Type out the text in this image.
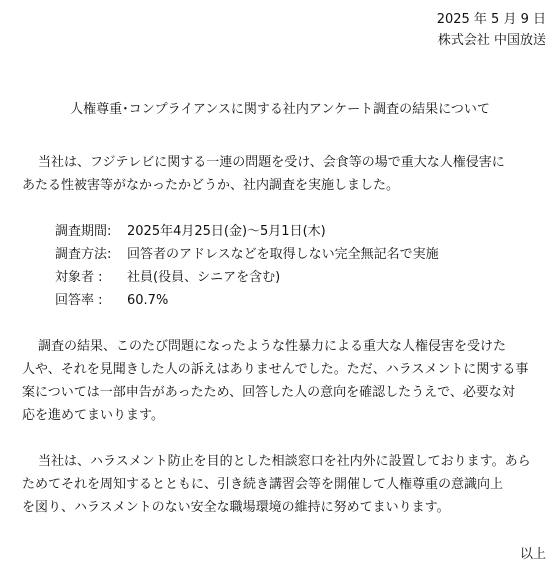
2025 年 5 月 9 日
株式会社 中国放送
人権尊重･コンプライアンスに関する社内アンケート調査の結果について
当社は、フジテレビに関する一連の問題を受け、会食等の場で重大な人権侵害に
あたる性被害等がなかったかどうか、社内調査を実施しました。
調査期間: 2025年4月25日(金)～5月1日(木)
調査方法: 回答者のアドレスなどを取得しない完全無記名で実施
対象者 : 社員(役員、シニアを含む)
回答率 : 60.7%
調査の結果、このたび問題になったような性暴力による重大な人権侵害を受けた
人や、それを見聞きした人の訴えはありませんでした。ただ、ハラスメントに関する事
案については一部申告があったため、回答した人の意向を確認したうえで、必要な対
応を進めてまいります。
当社は、ハラスメント防止を目的とした相談窓口を社内外に設置しております。あら
ためてそれを周知するとともに、引き続き講習会等を開催して人権尊重の意識向上
を図り、ハラスメントのない安全な職場環境の維持に努めてまいります。
以上
